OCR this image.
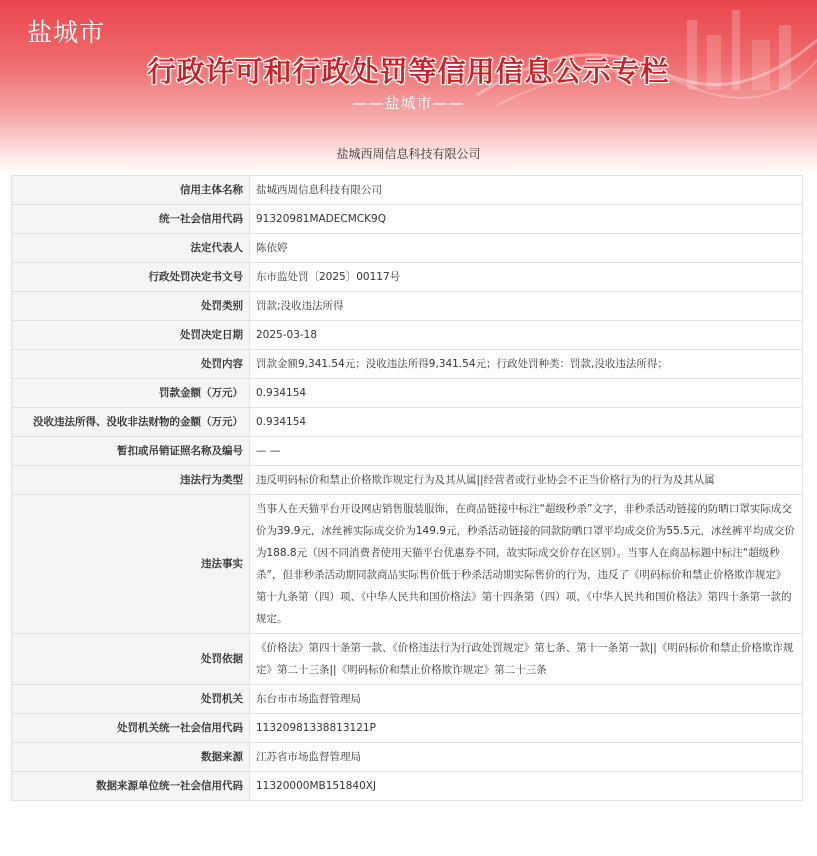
盐城市
行政许可和行政处罚等信用信息公示专栏
——盐城市——
盐城西周信息科技有限公司
信用主体名称	盐城西周信息科技有限公司
统一社会信用代码	91320981MADECMCK9Q
法定代表人	陈依婷
行政处罚决定书文号	东市监处罚〔2025〕00117号
处罚类别	罚款;没收违法所得
处罚决定日期	2025-03-18
处罚内容	罚款金额9,341.54元；没收违法所得9,341.54元；行政处罚种类：罚款,没收违法所得；
罚款金额（万元）	0.934154
没收违法所得、没收非法财物的金额（万元）	0.934154
暂扣或吊销证照名称及编号	— —
违法行为类型	违反明码标价和禁止价格欺诈规定行为及其从属||经营者或行业协会不正当价格行为的行为及其从属
违法事实	当事人在天猫平台开设网店销售服装服饰，在商品链接中标注“超级秒杀”文字，非秒杀活动链接的防晒口罩实际成交价为39.9元，冰丝裤实际成交价为149.9元，秒杀活动链接的同款防晒口罩平均成交价为55.5元，冰丝裤平均成交价为188.8元（因不同消费者使用天猫平台优惠券不同，故实际成交价存在区别）。当事人在商品标题中标注“超级秒杀”，但非秒杀活动期同款商品实际售价低于秒杀活动期实际售价的行为，违反了《明码标价和禁止价格欺诈规定》第十九条第（四）项、《中华人民共和国价格法》第十四条第（四）项、《中华人民共和国价格法》第四十条第一款的规定。
处罚依据	《价格法》第四十条第一款、《价格违法行为行政处罚规定》第七条、第十一条第一款||《明码标价和禁止价格欺诈规定》第二十三条||《明码标价和禁止价格欺诈规定》第二十三条
处罚机关	东台市市场监督管理局
处罚机关统一社会信用代码	11320981338813121P
数据来源	江苏省市场监督管理局
数据来源单位统一社会信用代码	11320000MB151840XJ
